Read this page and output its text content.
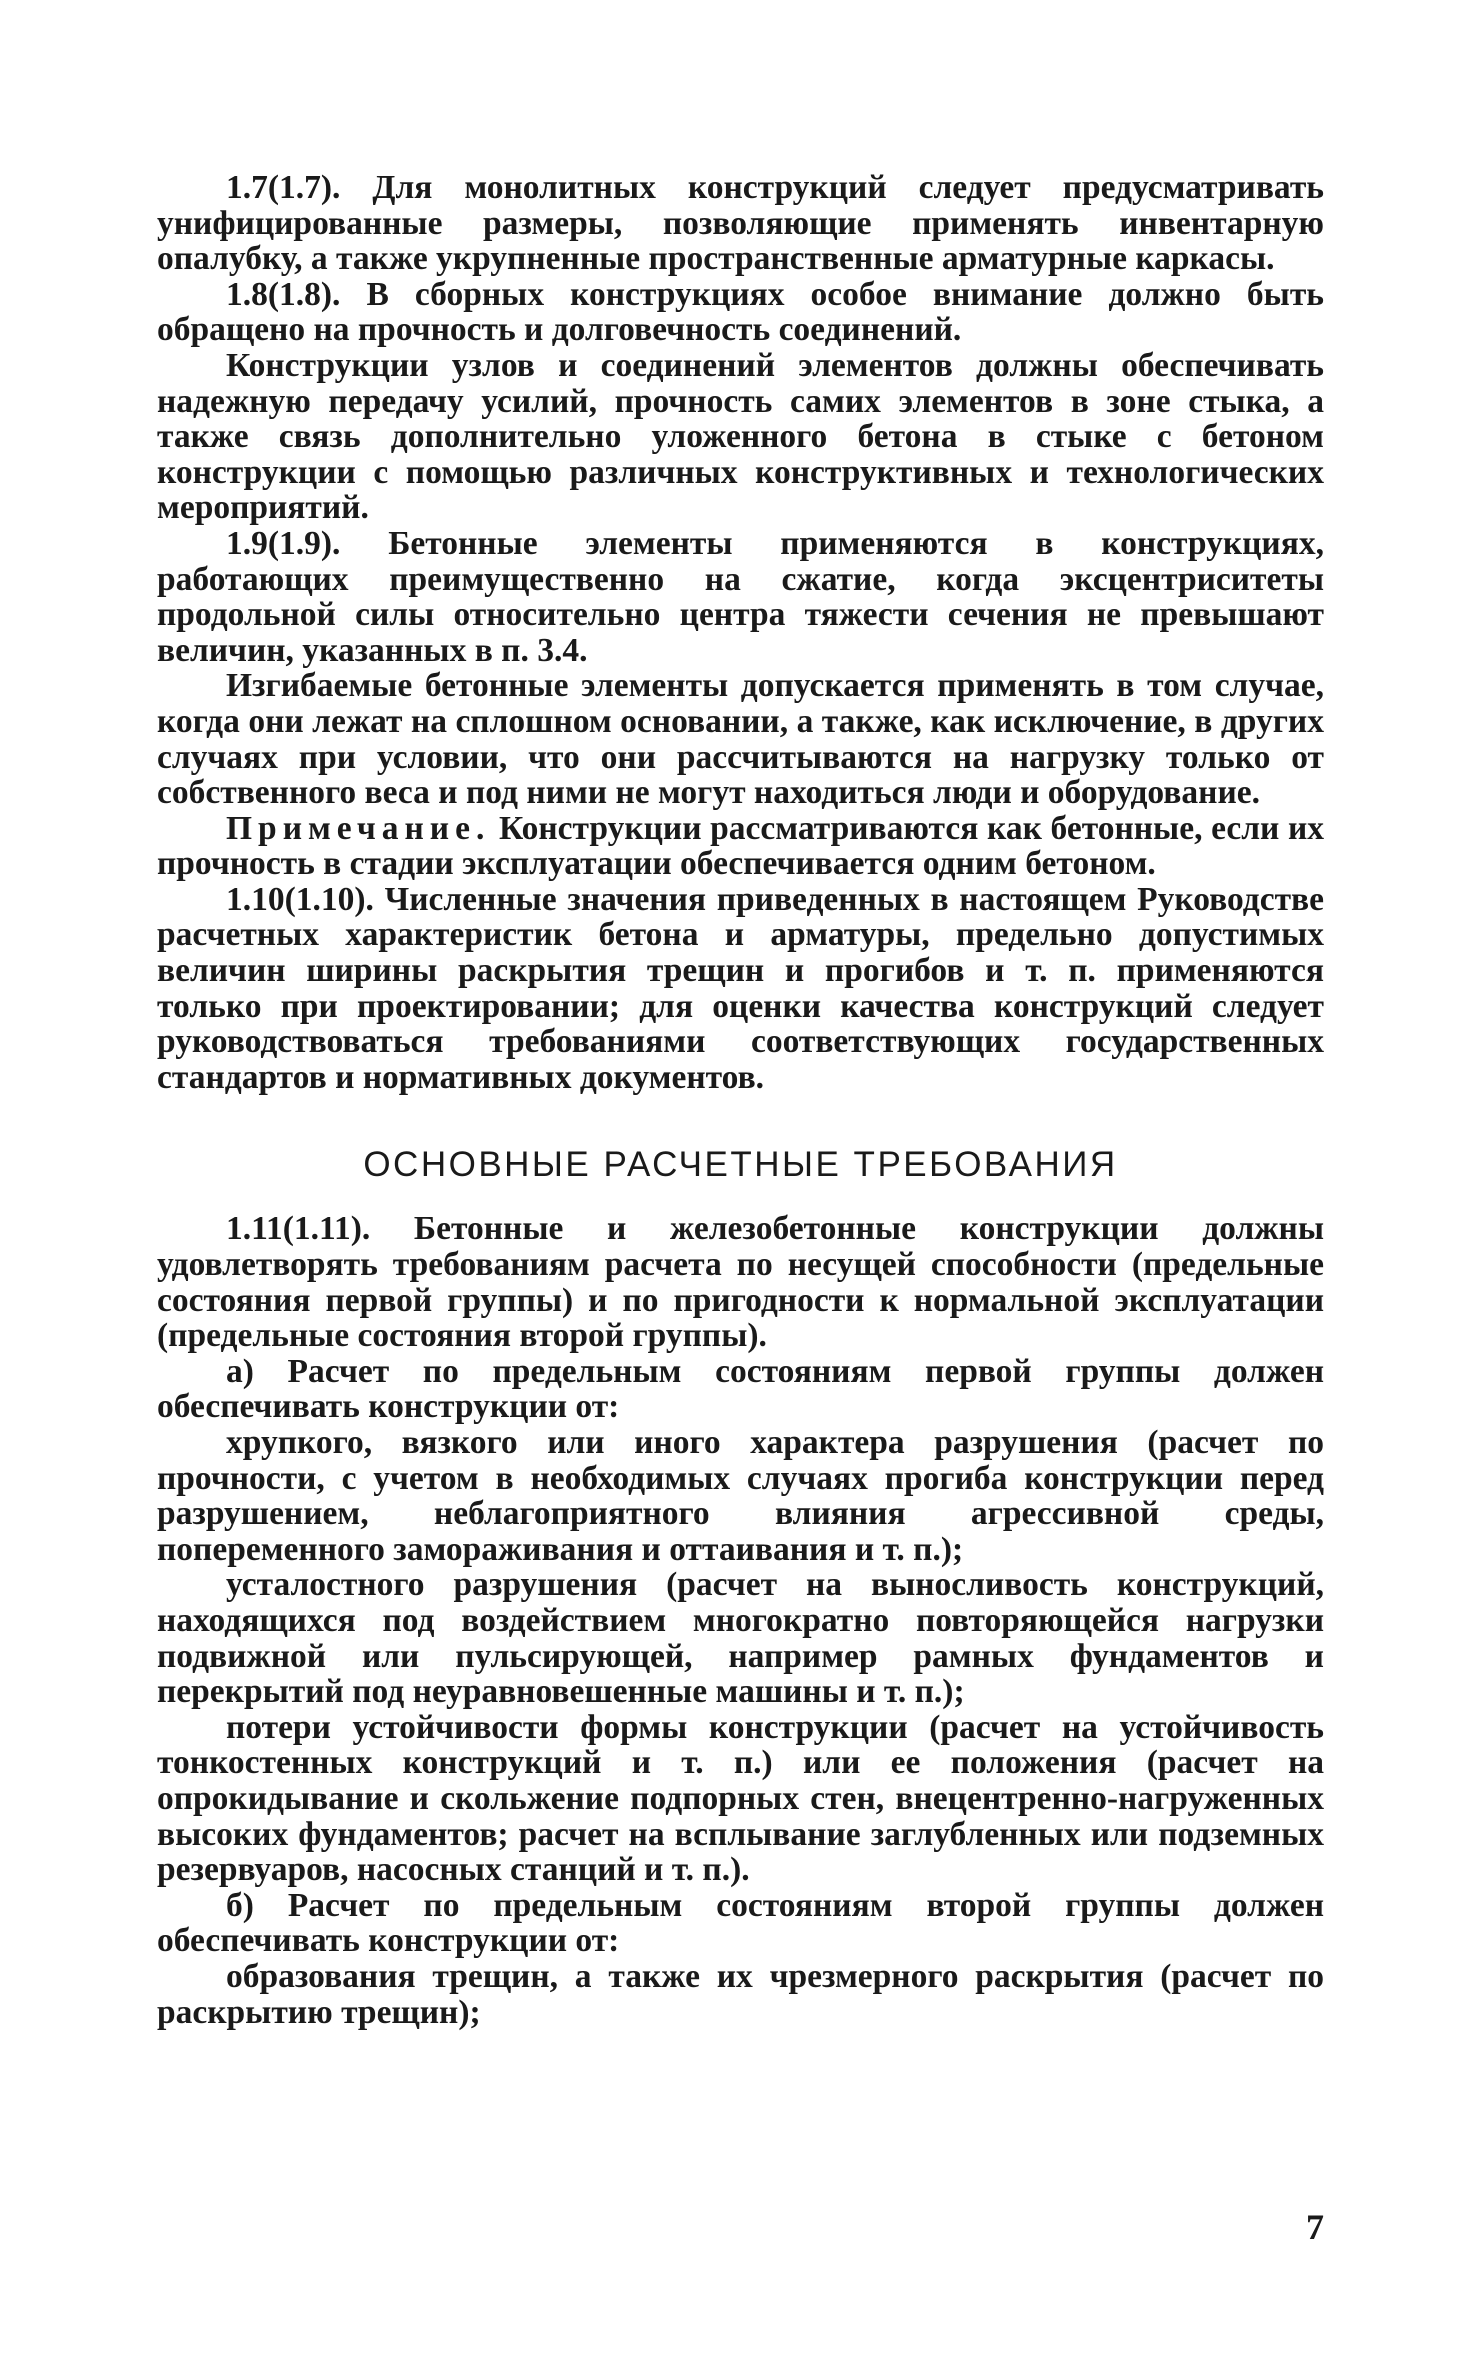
1.7(1.7). Для монолитных конструкций следует предусматривать унифицированные размеры, позволяющие применять инвентарную опалубку, а также укрупненные пространственные арматурные каркасы.

1.8(1.8). В сборных конструкциях особое внимание должно быть обращено на прочность и долговечность соединений.

Конструкции узлов и соединений элементов должны обеспечивать надежную передачу усилий, прочность самих элементов в зоне стыка, а также связь дополнительно уложенного бетона в стыке с бетоном конструкции с помощью различных конструктивных и технологических мероприятий.

1.9(1.9). Бетонные элементы применяются в конструкциях, работающих преимущественно на сжатие, когда эксцентриситеты продольной силы относительно центра тяжести сечения не превышают величин, указанных в п. 3.4.

Изгибаемые бетонные элементы допускается применять в том случае, когда они лежат на сплошном основании, а также, как исключение, в других случаях при условии, что они рассчитываются на нагрузку только от собственного веса и под ними не могут находиться люди и оборудование.

Примечание. Конструкции рассматриваются как бетонные, если их прочность в стадии эксплуатации обеспечивается одним бетоном.

1.10(1.10). Численные значения приведенных в настоящем Руководстве расчетных характеристик бетона и арматуры, предельно допустимых величин ширины раскрытия трещин и прогибов и т. п. применяются только при проектировании; для оценки качества конструкций следует руководствоваться требованиями соответствующих государственных стандартов и нормативных документов.

ОСНОВНЫЕ РАСЧЕТНЫЕ ТРЕБОВАНИЯ

1.11(1.11). Бетонные и железобетонные конструкции должны удовлетворять требованиям расчета по несущей способности (предельные состояния первой группы) и по пригодности к нормальной эксплуатации (предельные состояния второй группы).

а) Расчет по предельным состояниям первой группы должен обеспечивать конструкции от:

хрупкого, вязкого или иного характера разрушения (расчет по прочности, с учетом в необходимых случаях прогиба конструкции перед разрушением, неблагоприятного влияния агрессивной среды, попеременного замораживания и оттаивания и т. п.);

усталостного разрушения (расчет на выносливость конструкций, находящихся под воздействием многократно повторяющейся нагрузки подвижной или пульсирующей, например рамных фундаментов и перекрытий под неуравновешенные машины и т. п.);

потери устойчивости формы конструкции (расчет на устойчивость тонкостенных конструкций и т. п.) или ее положения (расчет на опрокидывание и скольжение подпорных стен, внецентренно-нагруженных высоких фундаментов; расчет на всплывание заглубленных или подземных резервуаров, насосных станций и т. п.).

б) Расчет по предельным состояниям второй группы должен обеспечивать конструкции от:

образования трещин, а также их чрезмерного раскрытия (расчет по раскрытию трещин);

7
